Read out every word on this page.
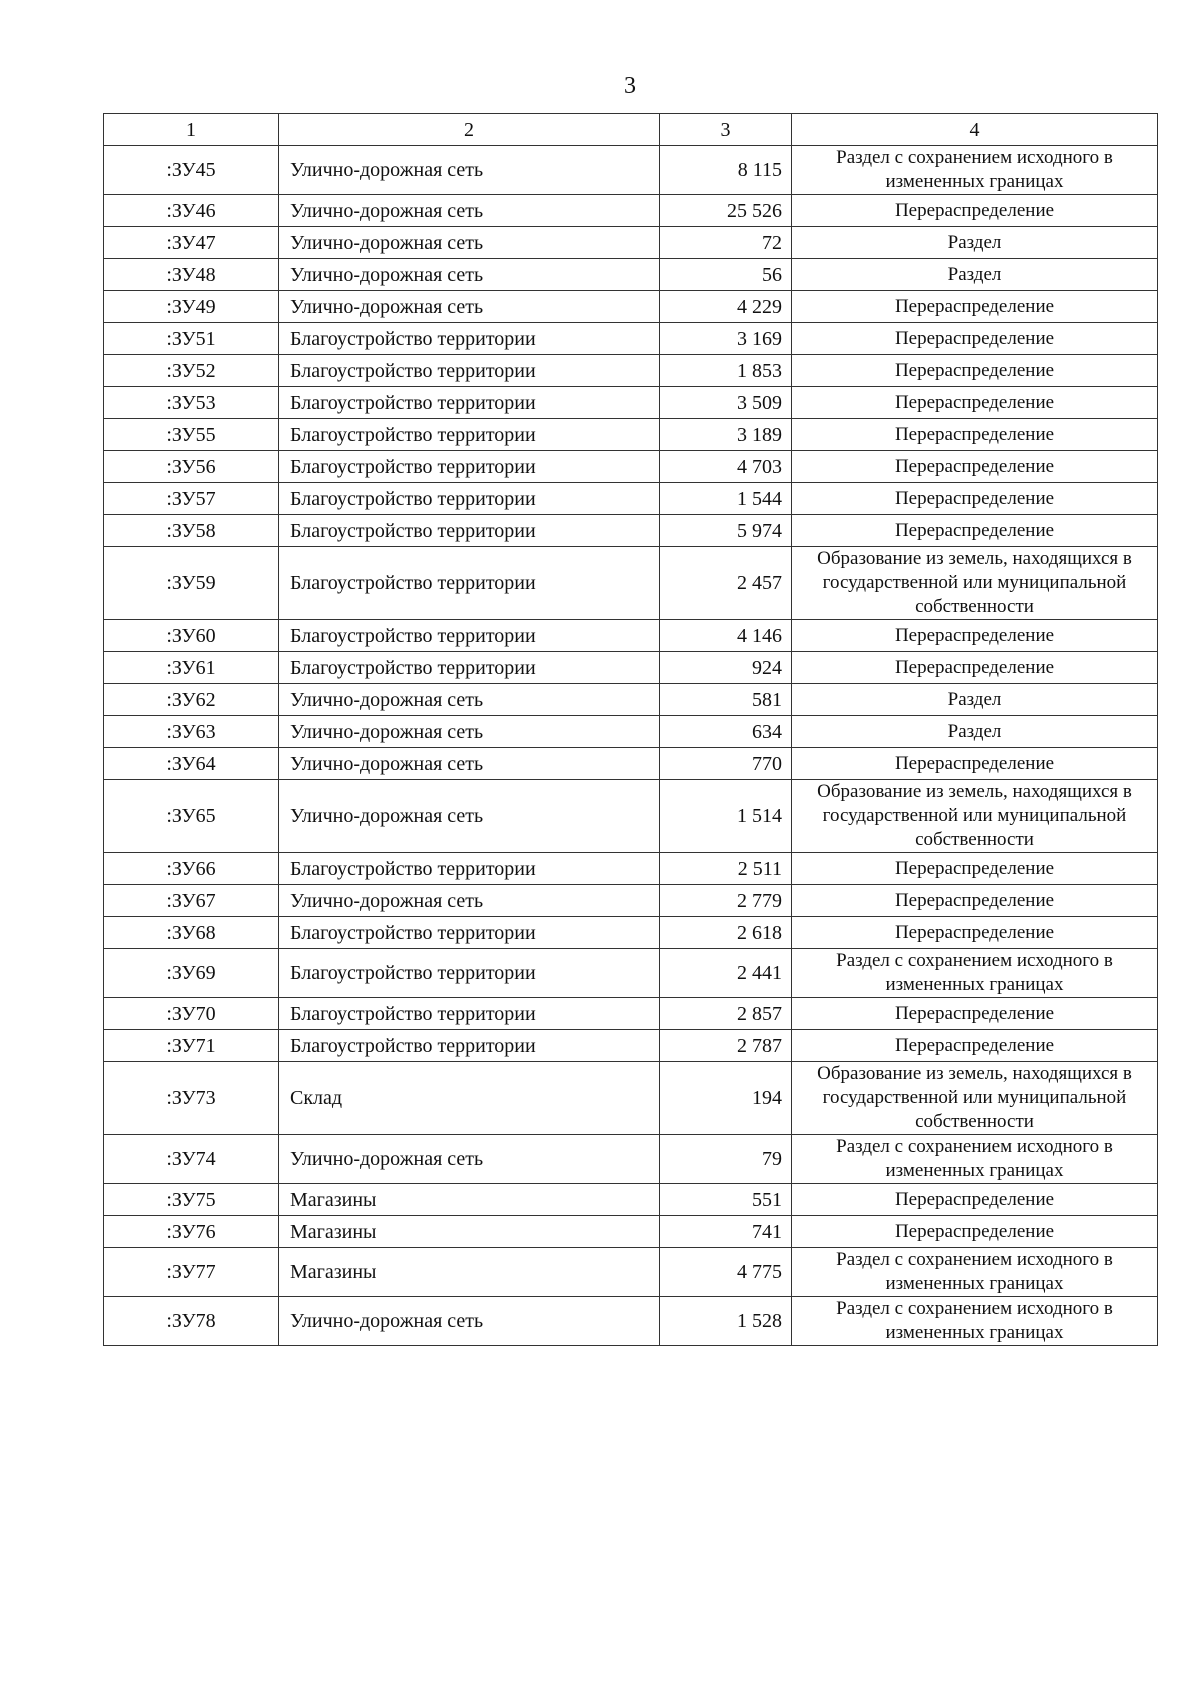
3
1	2	3	4
:ЗУ45	Улично-дорожная сеть	8 115	Раздел с сохранением исходного в измененных границах
:ЗУ46	Улично-дорожная сеть	25 526	Перераспределение
:ЗУ47	Улично-дорожная сеть	72	Раздел
:ЗУ48	Улично-дорожная сеть	56	Раздел
:ЗУ49	Улично-дорожная сеть	4 229	Перераспределение
:ЗУ51	Благоустройство территории	3 169	Перераспределение
:ЗУ52	Благоустройство территории	1 853	Перераспределение
:ЗУ53	Благоустройство территории	3 509	Перераспределение
:ЗУ55	Благоустройство территории	3 189	Перераспределение
:ЗУ56	Благоустройство территории	4 703	Перераспределение
:ЗУ57	Благоустройство территории	1 544	Перераспределение
:ЗУ58	Благоустройство территории	5 974	Перераспределение
:ЗУ59	Благоустройство территории	2 457	Образование из земель, находящихся в государственной или муниципальной собственности
:ЗУ60	Благоустройство территории	4 146	Перераспределение
:ЗУ61	Благоустройство территории	924	Перераспределение
:ЗУ62	Улично-дорожная сеть	581	Раздел
:ЗУ63	Улично-дорожная сеть	634	Раздел
:ЗУ64	Улично-дорожная сеть	770	Перераспределение
:ЗУ65	Улично-дорожная сеть	1 514	Образование из земель, находящихся в государственной или муниципальной собственности
:ЗУ66	Благоустройство территории	2 511	Перераспределение
:ЗУ67	Улично-дорожная сеть	2 779	Перераспределение
:ЗУ68	Благоустройство территории	2 618	Перераспределение
:ЗУ69	Благоустройство территории	2 441	Раздел с сохранением исходного в измененных границах
:ЗУ70	Благоустройство территории	2 857	Перераспределение
:ЗУ71	Благоустройство территории	2 787	Перераспределение
:ЗУ73	Склад	194	Образование из земель, находящихся в государственной или муниципальной собственности
:ЗУ74	Улично-дорожная сеть	79	Раздел с сохранением исходного в измененных границах
:ЗУ75	Магазины	551	Перераспределение
:ЗУ76	Магазины	741	Перераспределение
:ЗУ77	Магазины	4 775	Раздел с сохранением исходного в измененных границах
:ЗУ78	Улично-дорожная сеть	1 528	Раздел с сохранением исходного в измененных границах
